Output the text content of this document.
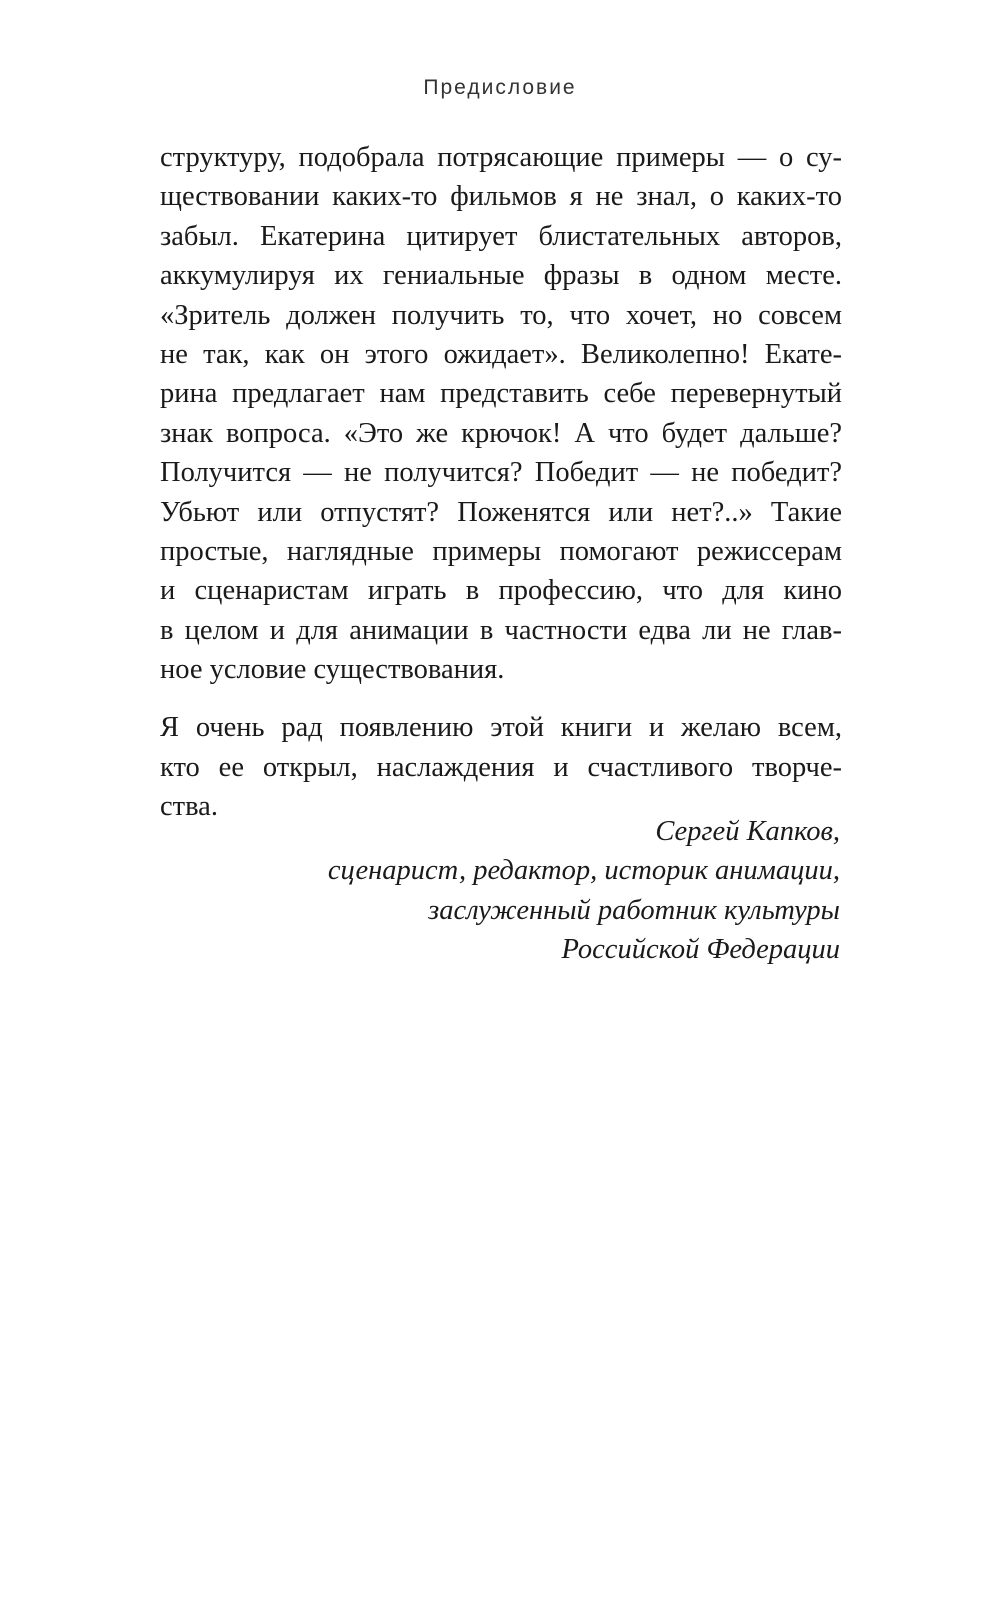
Предисловие

структуру, подобрала потрясающие примеры — о су-
ществовании каких-то фильмов я не знал, о каких-то
забыл. Екатерина цитирует блистательных авторов,
аккумулируя их гениальные фразы в одном месте.
«Зритель должен получить то, что хочет, но совсем
не так, как он этого ожидает». Великолепно! Екате-
рина предлагает нам представить себе перевернутый
знак вопроса. «Это же крючок! А что будет дальше?
Получится — не получится? Победит — не победит?
Убьют или отпустят? Поженятся или нет?..» Такие
простые, наглядные примеры помогают режиссерам
и сценаристам играть в профессию, что для кино
в целом и для анимации в частности едва ли не глав-
ное условие существования.

Я очень рад появлению этой книги и желаю всем,
кто ее открыл, наслаждения и счастливого творче-
ства.

Сергей Капков,
сценарист, редактор, историк анимации,
заслуженный работник культуры
Российской Федерации
